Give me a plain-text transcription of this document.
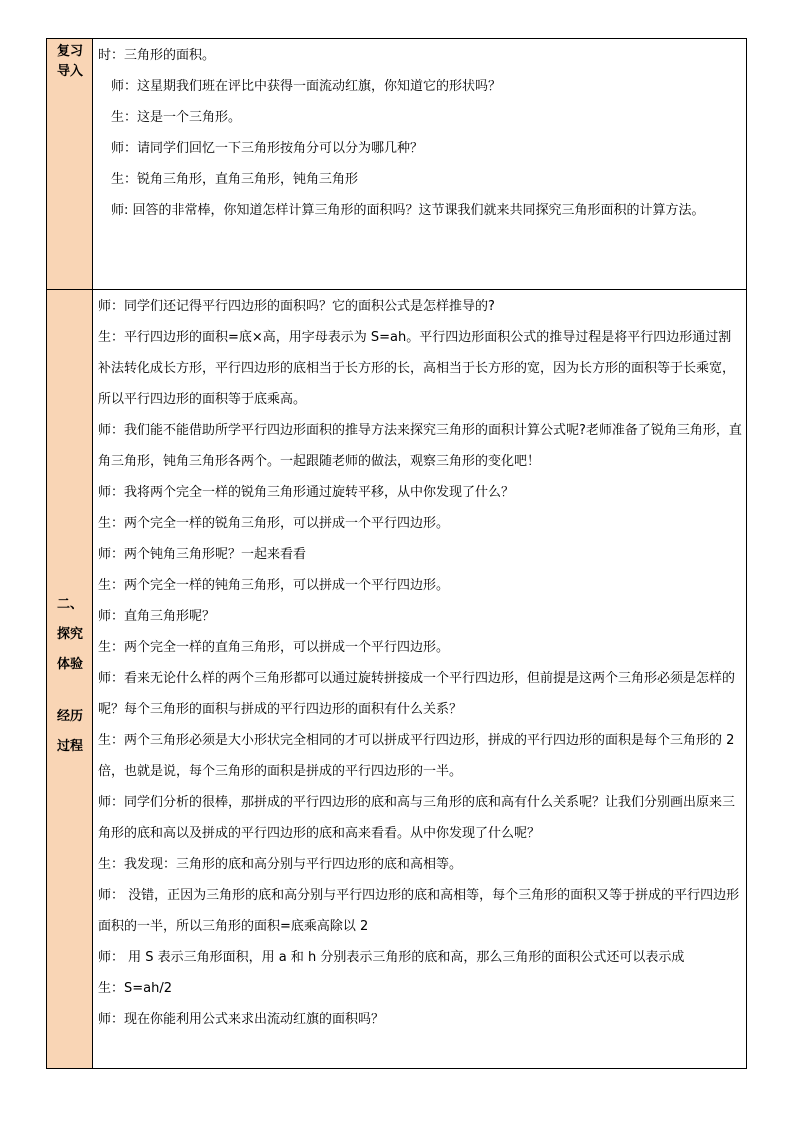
复习
导入

时：三角形的面积。

师：这星期我们班在评比中获得一面流动红旗，你知道它的形状吗？

生：这是一个三角形。

师：请同学们回忆一下三角形按角分可以分为哪几种？

生：锐角三角形，直角三角形，钝角三角形

师: 回答的非常棒，你知道怎样计算三角形的面积吗？这节课我们就来共同探究三角形面积的计算方法。

二、
探究
体验
经历
过程

师：同学们还记得平行四边形的面积吗？它的面积公式是怎样推导的?

生：平行四边形的面积=底×高，用字母表示为 S=ah。平行四边形面积公式的推导过程是将平行四边形通过割补法转化成长方形，平行四边形的底相当于长方形的长，高相当于长方形的宽，因为长方形的面积等于长乘宽，所以平行四边形的面积等于底乘高。

师：我们能不能借助所学平行四边形面积的推导方法来探究三角形的面积计算公式呢?老师准备了锐角三角形，直角三角形，钝角三角形各两个。一起跟随老师的做法，观察三角形的变化吧！

师：我将两个完全一样的锐角三角形通过旋转平移，从中你发现了什么？

生：两个完全一样的锐角三角形，可以拼成一个平行四边形。

师：两个钝角三角形呢？一起来看看

生：两个完全一样的钝角三角形，可以拼成一个平行四边形。

师：直角三角形呢？

生：两个完全一样的直角三角形，可以拼成一个平行四边形。

师：看来无论什么样的两个三角形都可以通过旋转拼接成一个平行四边形，但前提是这两个三角形必须是怎样的呢？每个三角形的面积与拼成的平行四边形的面积有什么关系？

生：两个三角形必须是大小形状完全相同的才可以拼成平行四边形，拼成的平行四边形的面积是每个三角形的 2 倍，也就是说，每个三角形的面积是拼成的平行四边形的一半。

师：同学们分析的很棒，那拼成的平行四边形的底和高与三角形的底和高有什么关系呢？让我们分别画出原来三角形的底和高以及拼成的平行四边形的底和高来看看。从中你发现了什么呢？

生：我发现：三角形的底和高分别与平行四边形的底和高相等。

师： 没错，正因为三角形的底和高分别与平行四边形的底和高相等，每个三角形的面积又等于拼成的平行四边形面积的一半，所以三角形的面积=底乘高除以 2

师： 用 S 表示三角形面积，用 a 和 h 分别表示三角形的底和高，那么三角形的面积公式还可以表示成

生：S=ah/2

师：现在你能利用公式来求出流动红旗的面积吗？
